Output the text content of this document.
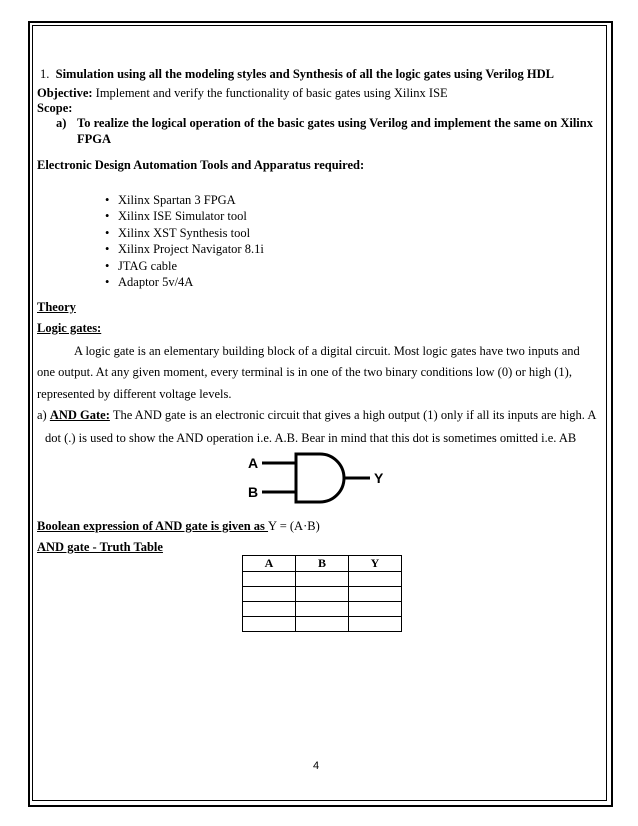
1. Simulation using all the modeling styles and Synthesis of all the logic gates using Verilog HDL
Objective: Implement and verify the functionality of basic gates using Xilinx ISE
Scope:
a) To realize the logical operation of the basic gates using Verilog and implement the same on Xilinx
FPGA
Electronic Design Automation Tools and Apparatus required:
• Xilinx Spartan 3 FPGA
• Xilinx ISE Simulator tool
• Xilinx XST Synthesis tool
• Xilinx Project Navigator 8.1i
• JTAG cable
• Adaptor 5v/4A
Theory
Logic gates:
A logic gate is an elementary building block of a digital circuit. Most logic gates have two inputs and
one output. At any given moment, every terminal is in one of the two binary conditions low (0) or high (1),
represented by different voltage levels.
a) AND Gate: The AND gate is an electronic circuit that gives a high output (1) only if all its inputs are high. A
dot (.) is used to show the AND operation i.e. A.B. Bear in mind that this dot is sometimes omitted i.e. AB
A
B
Y
Boolean expression of AND gate is given as Y = (A·B)
AND gate - Truth Table
A	B	Y

4
